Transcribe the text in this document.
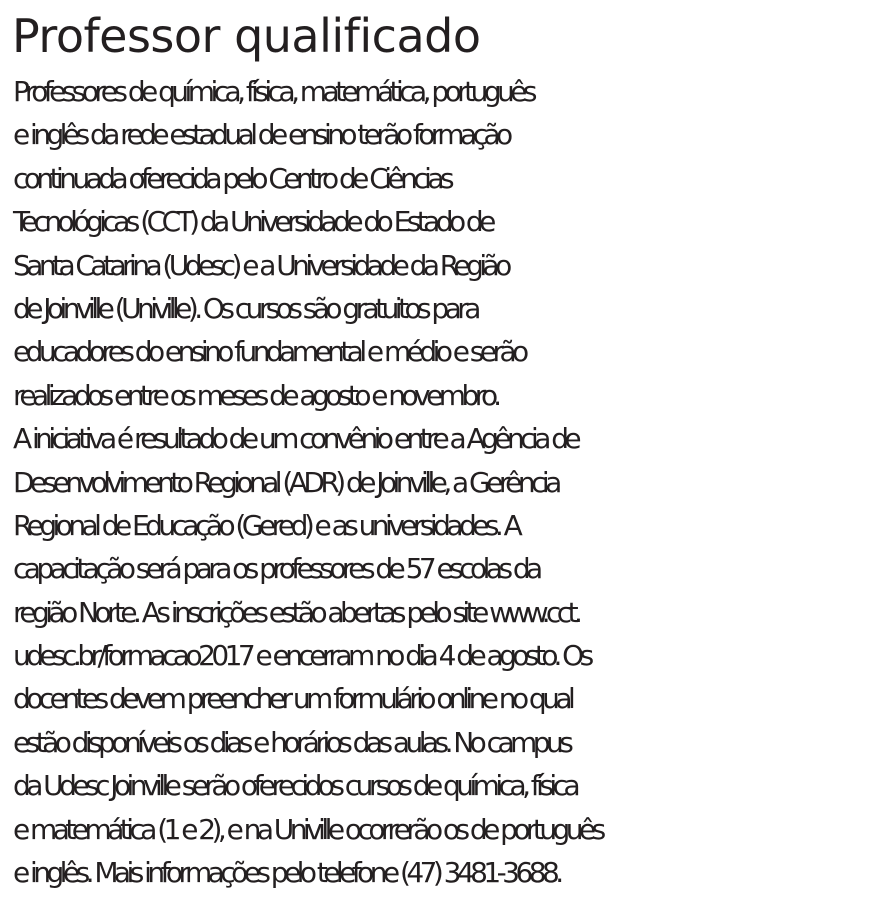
Professor qualificado
Professores de química, física, matemática, português
e inglês da rede estadual de ensino terão formação
continuada oferecida pelo Centro de Ciências
Tecnológicas (CCT) da Universidade do Estado de
Santa Catarina (Udesc) e a Universidade da Região
de Joinville (Univille). Os cursos são gratuitos para
educadores do ensino fundamental e médio e serão
realizados entre os meses de agosto e novembro.
A iniciativa é resultado de um convênio entre a Agência de
Desenvolvimento Regional (ADR) de Joinville, a Gerência
Regional de Educação (Gered) e as universidades. A
capacitação será para os professores de 57 escolas da
região Norte. As inscrições estão abertas pelo site www.cct.
udesc.br/formacao2017 e encerram no dia 4 de agosto. Os
docentes devem preencher um formulário online no qual
estão disponíveis os dias e horários das aulas. No campus
da Udesc Joinville serão oferecidos cursos de química, física
e matemática (1 e 2), e na Univille ocorrerão os de português
e inglês. Mais informações pelo telefone (47) 3481-3688.
